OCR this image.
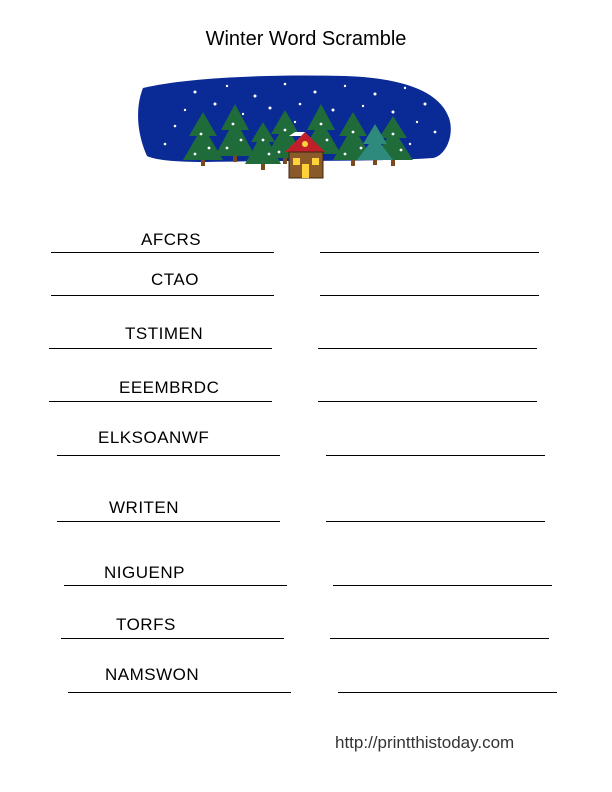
Winter Word Scramble
AFCRS
CTAO
TSTIMEN
EEEMBRDC
ELKSOANWF
WRITEN
NIGUENP
TORFS
NAMSWON
http://printthistoday.com
